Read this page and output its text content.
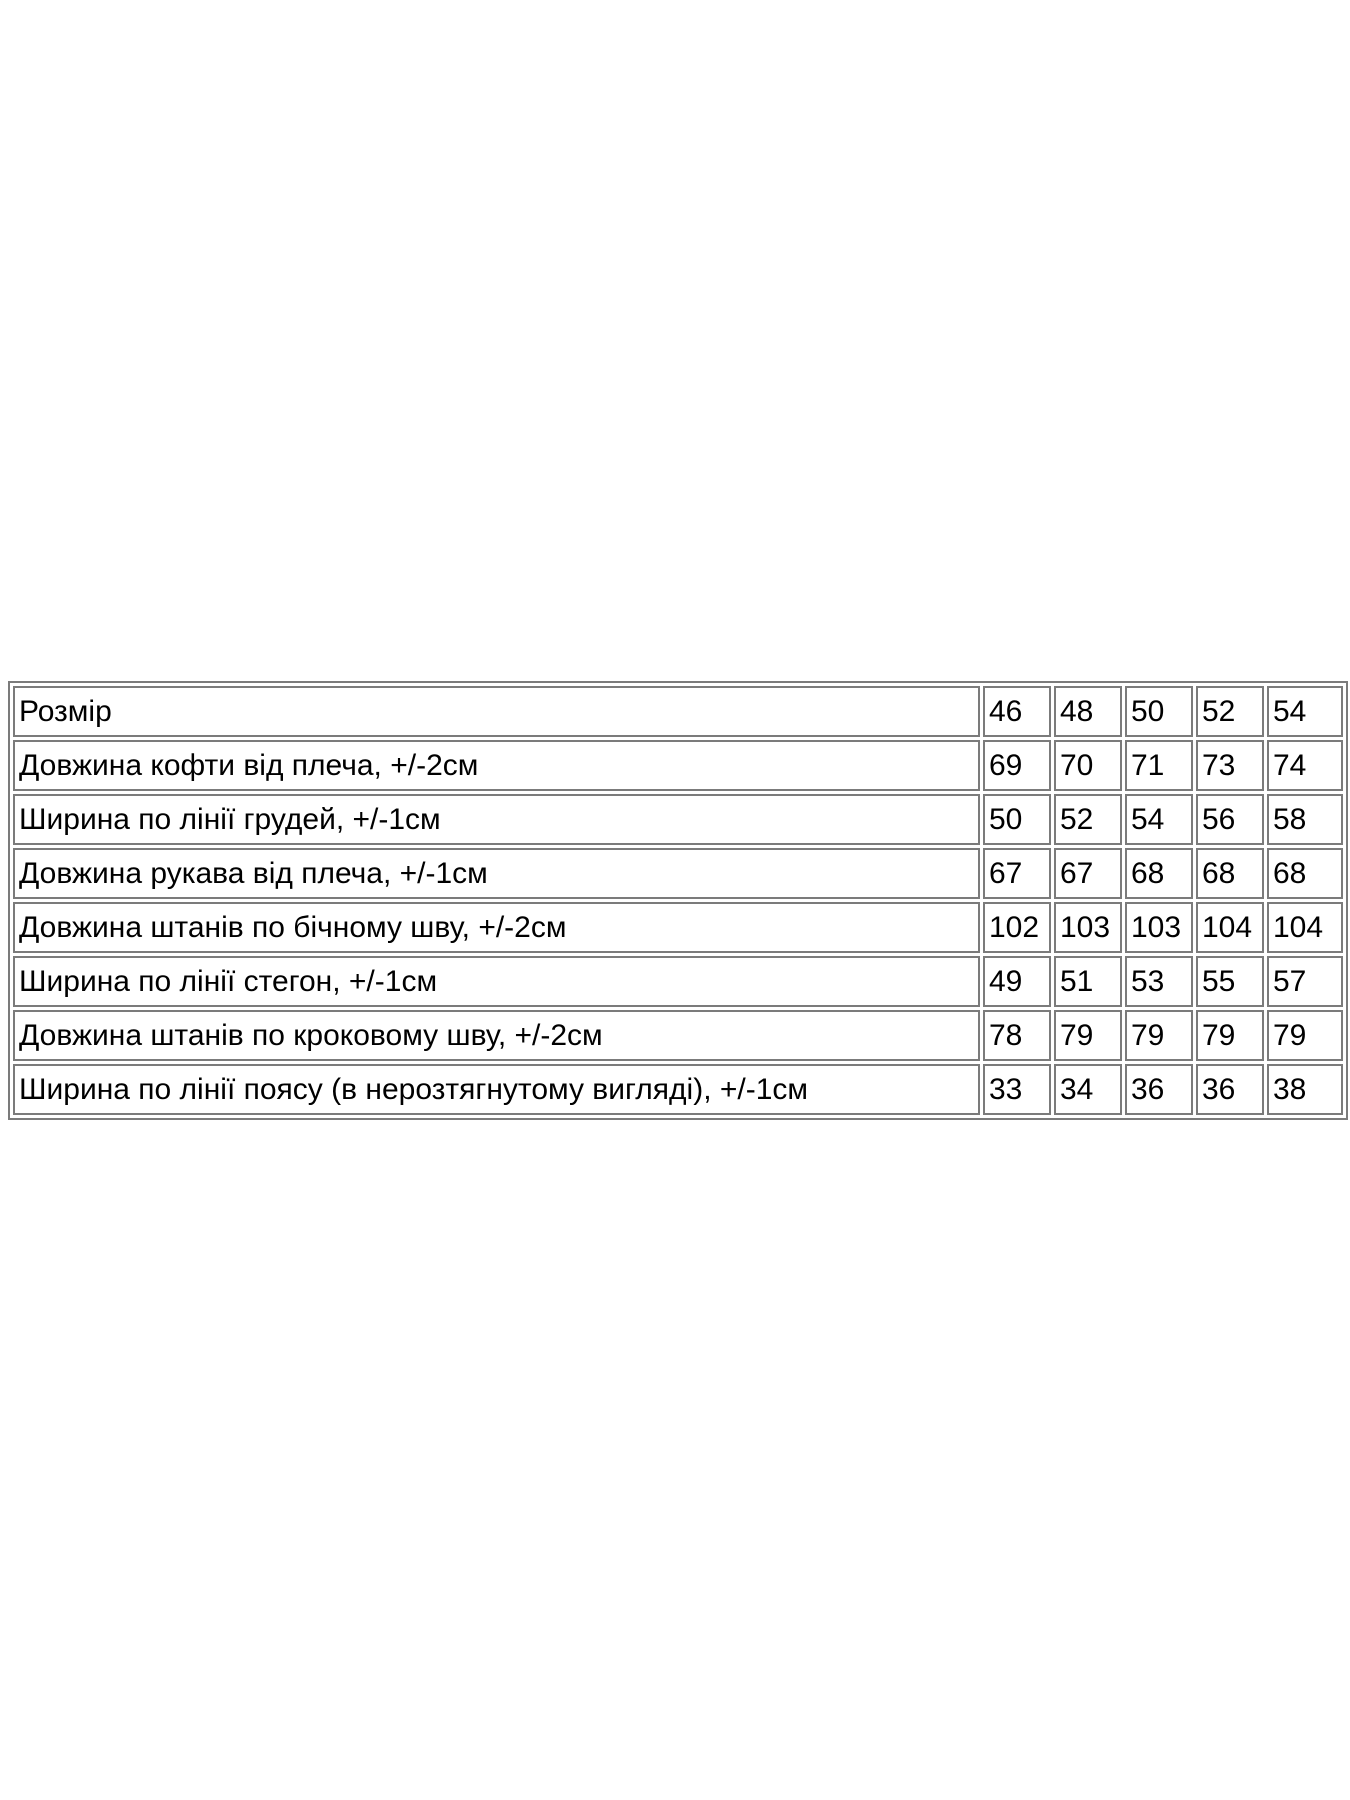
Розмір	46	48	50	52	54
Довжина кофти від плеча, +/-2см	69	70	71	73	74
Ширина по лінії грудей, +/-1см	50	52	54	56	58
Довжина рукава від плеча, +/-1см	67	67	68	68	68
Довжина штанів по бічному шву, +/-2см	102	103	103	104	104
Ширина по лінії стегон, +/-1см	49	51	53	55	57
Довжина штанів по кроковому шву, +/-2см	78	79	79	79	79
Ширина по лінії поясу (в нерозтягнутому вигляді), +/-1см	33	34	36	36	38
